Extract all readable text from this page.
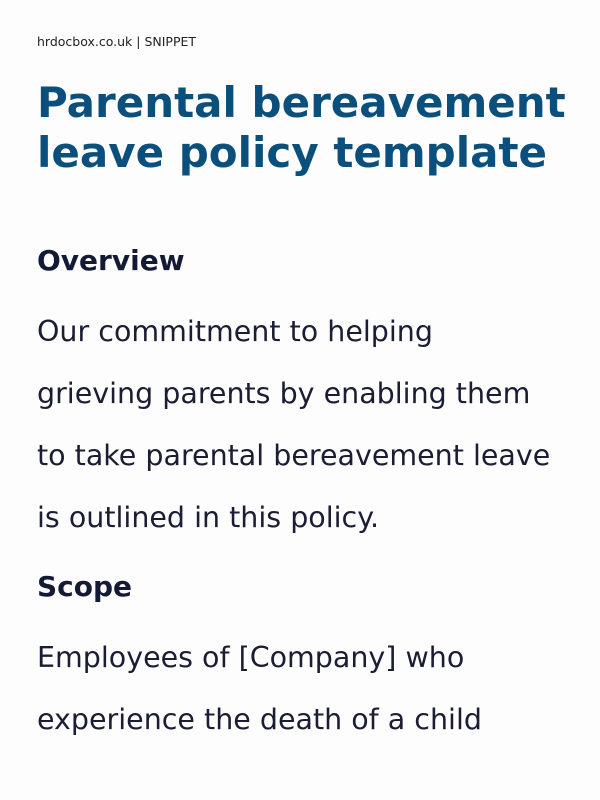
hrdocbox.co.uk | SNIPPET
Parental bereavement
leave policy template
Overview

Our commitment to helping
grieving parents by enabling them
to take parental bereavement leave
is outlined in this policy.

Scope

Employees of [Company] who
experience the death of a child
